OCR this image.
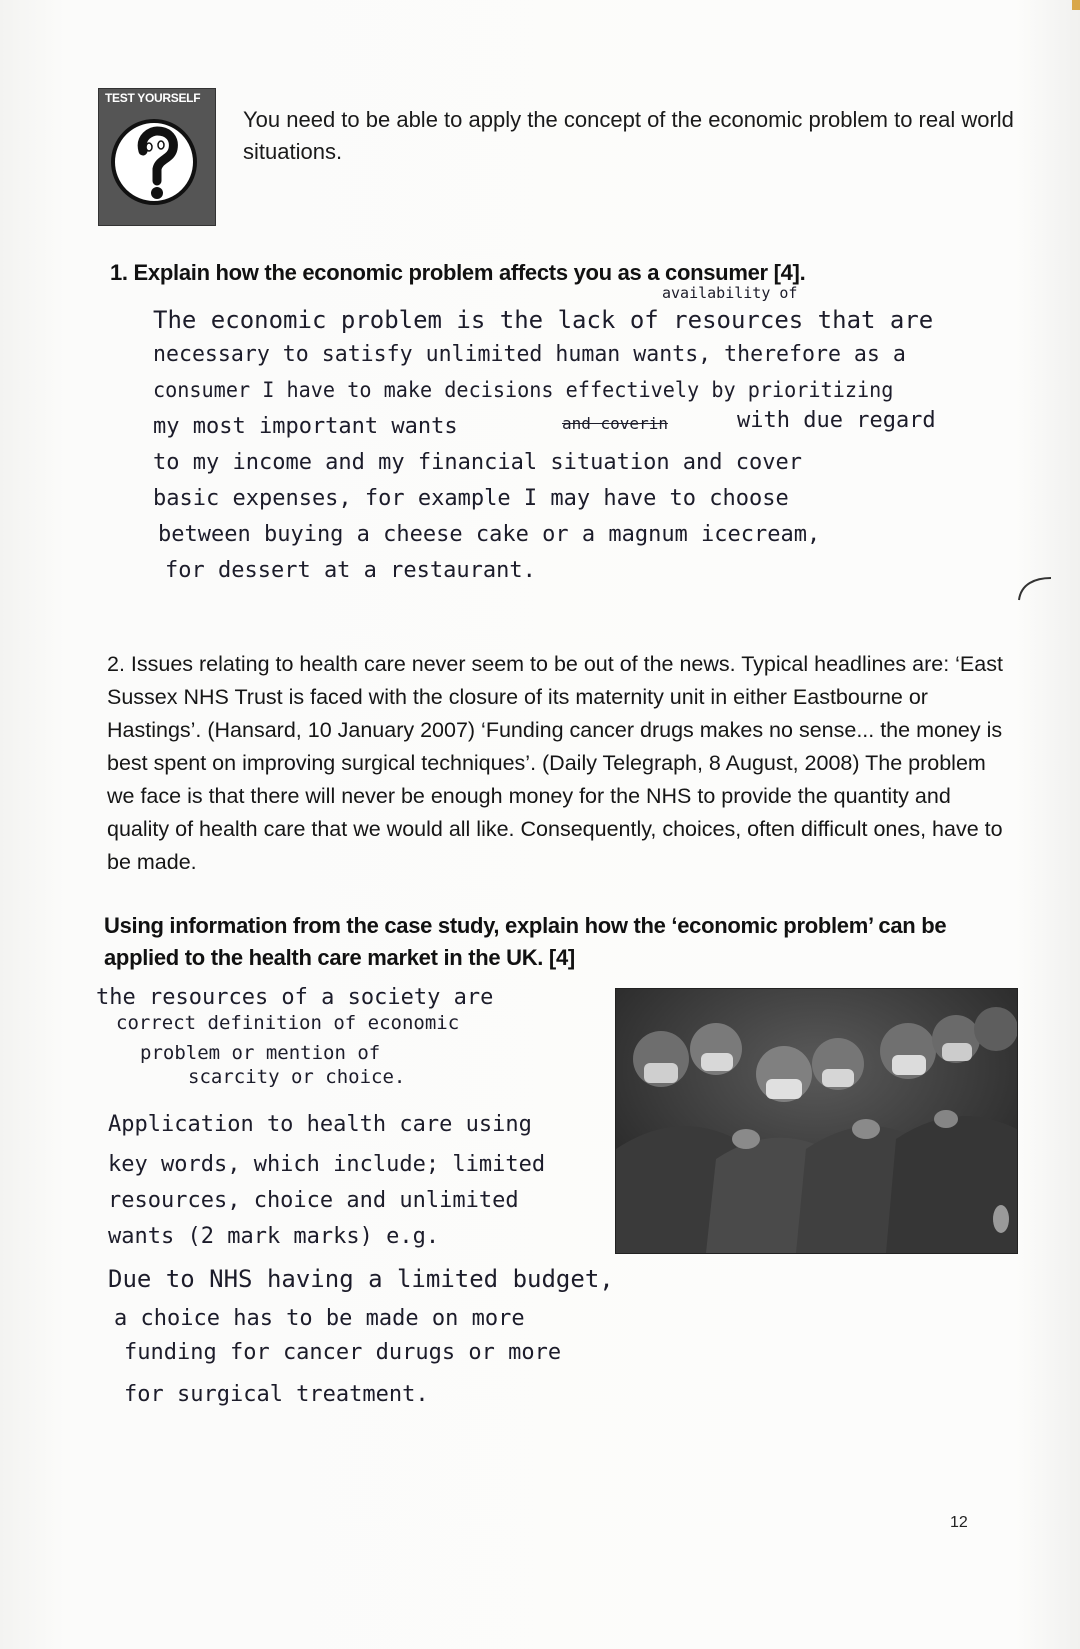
TEST YOURSELF
You need to be able to apply the concept of the economic problem to real world situations.
1. Explain how the economic problem affects you as a consumer [4].
availability of
The economic problem is the lack of resources that are
necessary to satisfy unlimited human wants, therefore as a
consumer I have to make decisions effectively by prioritizing
my most important wants	and coverin	with due regard
to my income and my financial situation and cover
basic expenses, for example I may have to choose
between buying a cheese cake or a magnum icecream,
for dessert at a restaurant.
2. Issues relating to health care never seem to be out of the news. Typical headlines are: ‘East Sussex NHS Trust is faced with the closure of its maternity unit in either Eastbourne or Hastings’. (Hansard, 10 January 2007) ‘Funding cancer drugs makes no sense... the money is best spent on improving surgical techniques’. (Daily Telegraph, 8 August, 2008) The problem we face is that there will never be enough money for the NHS to provide the quantity and quality of health care that we would all like. Consequently, choices, often difficult ones, have to be made.
Using information from the case study, explain how the ‘economic problem’ can be applied to the health care market in the UK. [4]
the resources of a society are
correct definition of economic
problem or mention of
scarcity or choice.
Application to health care using
key words, which include; limited
resources, choice and unlimited
wants (2 mark marks) e.g.
Due to NHS having a limited budget,
a choice has to be made on more
funding for cancer durugs or more
for surgical treatment.
12
